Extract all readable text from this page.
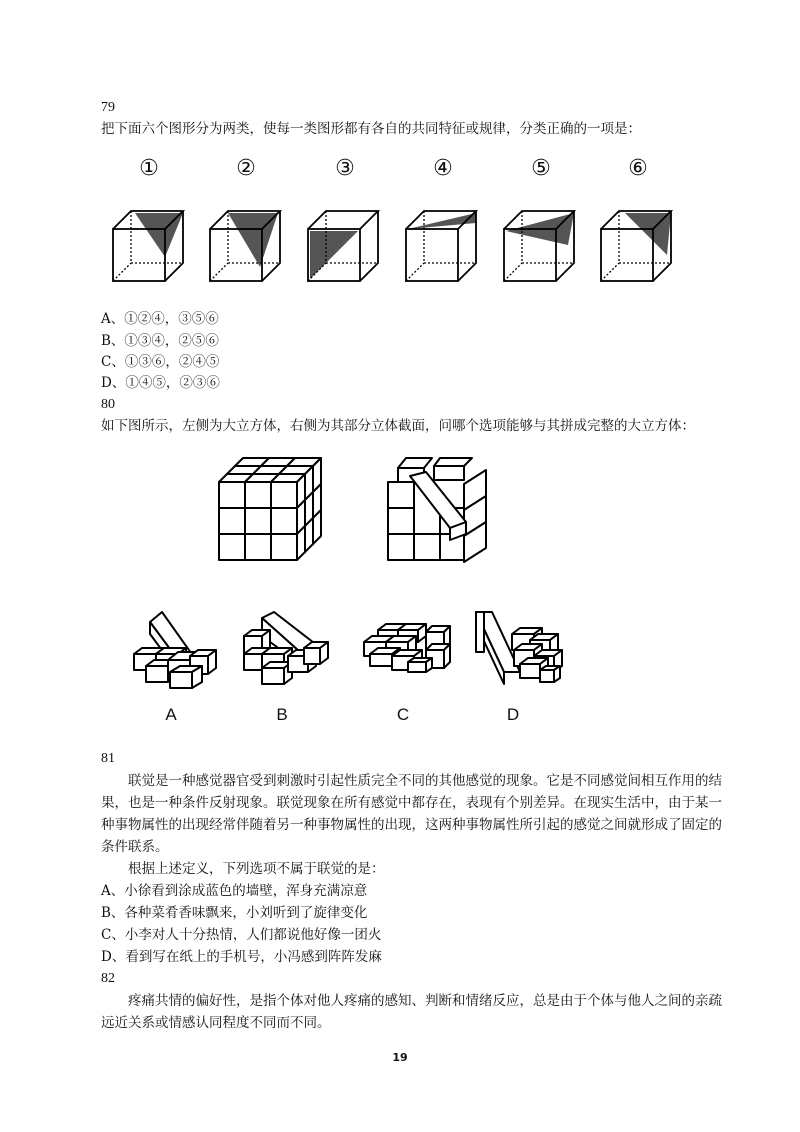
79
把下面六个图形分为两类，使每一类图形都有各自的共同特征或规律，分类正确的一项是：
①	②	③	④	⑤	⑥
A、①②④，③⑤⑥
B、①③④，②⑤⑥
C、①③⑥，②④⑤
D、①④⑤，②③⑥
80
如下图所示，左侧为大立方体，右侧为其部分立体截面，问哪个选项能够与其拼成完整的大立方体：
A	B	C	D
81
联觉是一种感觉器官受到刺激时引起性质完全不同的其他感觉的现象。它是不同感觉间相互作用的结
果，也是一种条件反射现象。联觉现象在所有感觉中都存在，表现有个别差异。在现实生活中，由于某一
种事物属性的出现经常伴随着另一种事物属性的出现，这两种事物属性所引起的感觉之间就形成了固定的
条件联系。
根据上述定义，下列选项不属于联觉的是：
A、小徐看到涂成蓝色的墙壁，浑身充满凉意
B、各种菜肴香味飘来，小刘听到了旋律变化
C、小李对人十分热情，人们都说他好像一团火
D、看到写在纸上的手机号，小冯感到阵阵发麻
82
疼痛共情的偏好性，是指个体对他人疼痛的感知、判断和情绪反应，总是由于个体与他人之间的亲疏
远近关系或情感认同程度不同而不同。
19
